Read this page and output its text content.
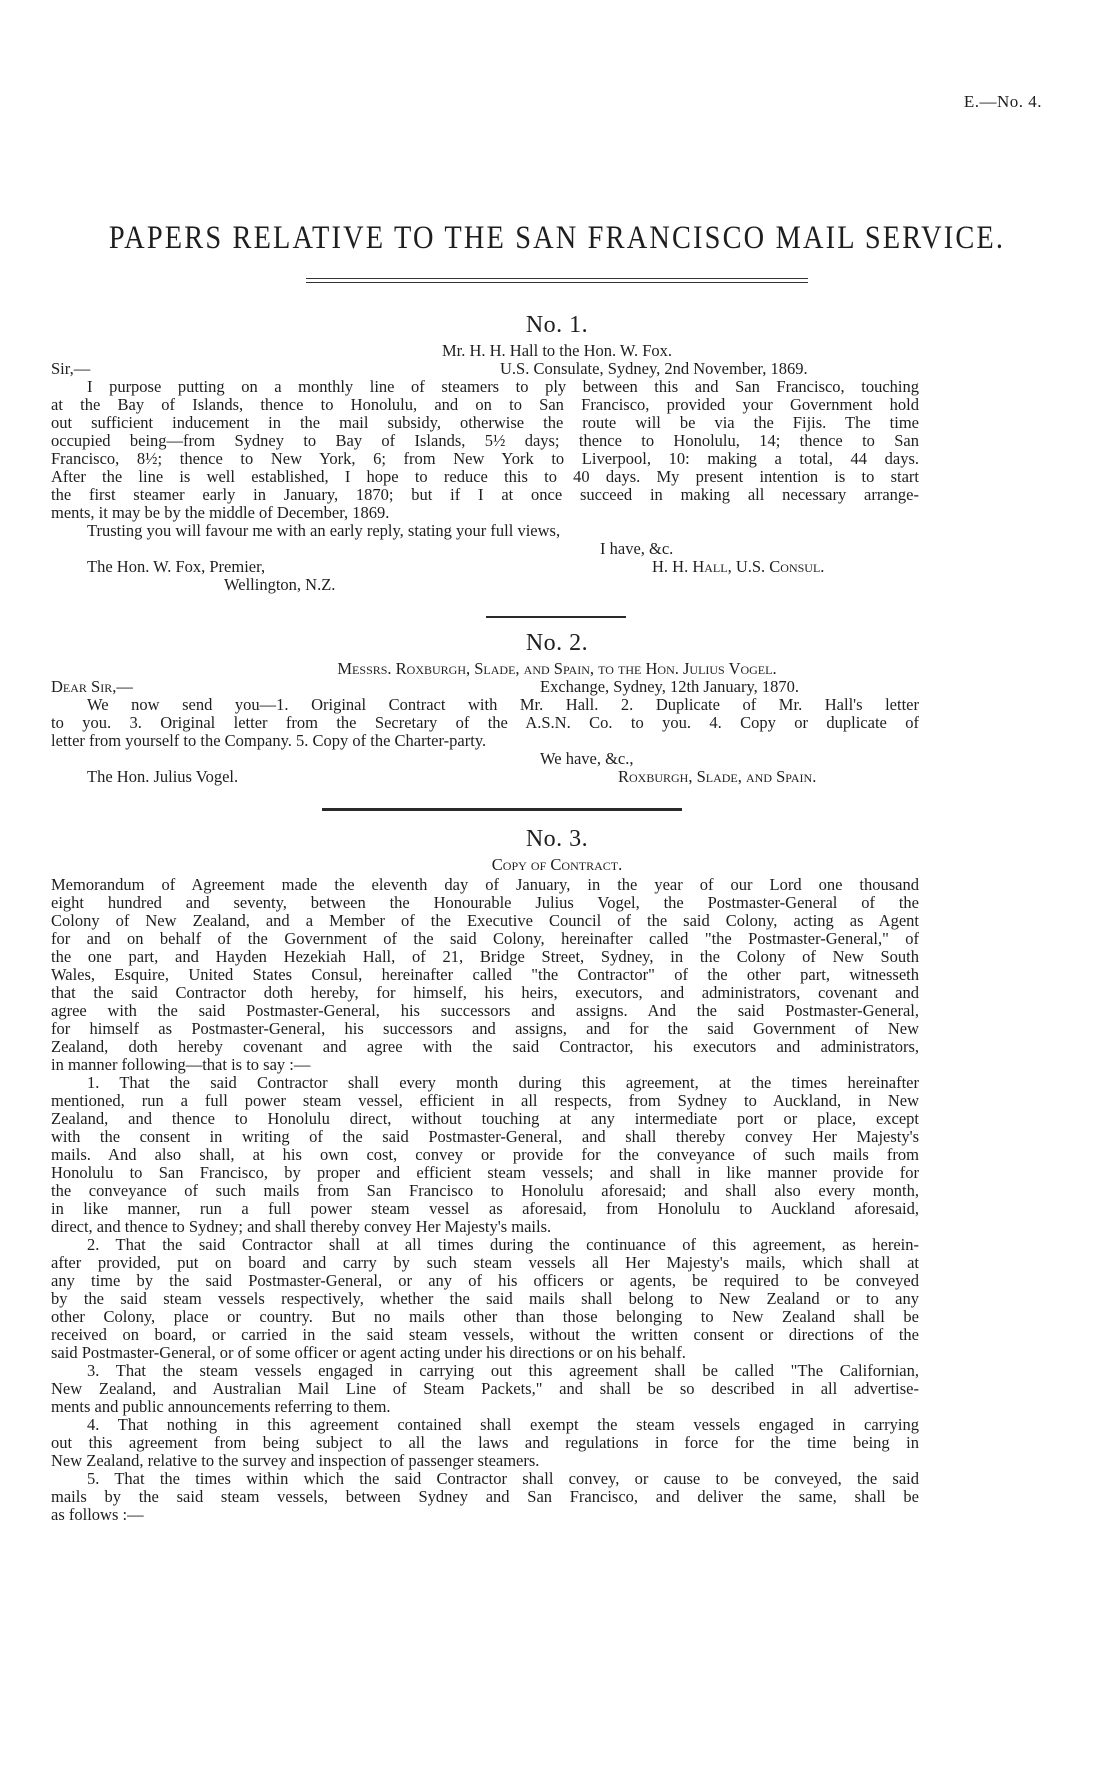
E.—No. 4.
PAPERS RELATIVE TO THE SAN FRANCISCO MAIL SERVICE.
No. 1.
Mr. H. H. Hall to the Hon. W. Fox.
Sir,—	U.S. Consulate, Sydney, 2nd November, 1869.
I purpose putting on a monthly line of steamers to ply between this and San Francisco, touching
at the Bay of Islands, thence to Honolulu, and on to San Francisco, provided your Government hold
out sufficient inducement in the mail subsidy, otherwise the route will be via the Fijis. The time
occupied being—from Sydney to Bay of Islands, 5½ days; thence to Honolulu, 14; thence to San
Francisco, 8½; thence to New York, 6; from New York to Liverpool, 10: making a total, 44 days.
After the line is well established, I hope to reduce this to 40 days. My present intention is to start
the first steamer early in January, 1870; but if I at once succeed in making all necessary arrange-
ments, it may be by the middle of December, 1869.
Trusting you will favour me with an early reply, stating your full views,
I have, &c.
The Hon. W. Fox, Premier,	H. H. Hall, U.S. Consul.
Wellington, N.Z.
No. 2.
Messrs. Roxburgh, Slade, and Spain, to the Hon. Julius Vogel.
Dear Sir,—	Exchange, Sydney, 12th January, 1870.
We now send you—1. Original Contract with Mr. Hall. 2. Duplicate of Mr. Hall's letter
to you. 3. Original letter from the Secretary of the A.S.N. Co. to you. 4. Copy or duplicate of
letter from yourself to the Company. 5. Copy of the Charter-party.
We have, &c.,
The Hon. Julius Vogel.	Roxburgh, Slade, and Spain.
No. 3.
Copy of Contract.
Memorandum of Agreement made the eleventh day of January, in the year of our Lord one thousand
eight hundred and seventy, between the Honourable Julius Vogel, the Postmaster-General of the
Colony of New Zealand, and a Member of the Executive Council of the said Colony, acting as Agent
for and on behalf of the Government of the said Colony, hereinafter called "the Postmaster-General," of
the one part, and Hayden Hezekiah Hall, of 21, Bridge Street, Sydney, in the Colony of New South
Wales, Esquire, United States Consul, hereinafter called "the Contractor" of the other part, witnesseth
that the said Contractor doth hereby, for himself, his heirs, executors, and administrators, covenant and
agree with the said Postmaster-General, his successors and assigns. And the said Postmaster-General,
for himself as Postmaster-General, his successors and assigns, and for the said Government of New
Zealand, doth hereby covenant and agree with the said Contractor, his executors and administrators,
in manner following—that is to say :—
1. That the said Contractor shall every month during this agreement, at the times hereinafter
mentioned, run a full power steam vessel, efficient in all respects, from Sydney to Auckland, in New
Zealand, and thence to Honolulu direct, without touching at any intermediate port or place, except
with the consent in writing of the said Postmaster-General, and shall thereby convey Her Majesty's
mails. And also shall, at his own cost, convey or provide for the conveyance of such mails from
Honolulu to San Francisco, by proper and efficient steam vessels; and shall in like manner provide for
the conveyance of such mails from San Francisco to Honolulu aforesaid; and shall also every month,
in like manner, run a full power steam vessel as aforesaid, from Honolulu to Auckland aforesaid,
direct, and thence to Sydney; and shall thereby convey Her Majesty's mails.
2. That the said Contractor shall at all times during the continuance of this agreement, as herein-
after provided, put on board and carry by such steam vessels all Her Majesty's mails, which shall at
any time by the said Postmaster-General, or any of his officers or agents, be required to be conveyed
by the said steam vessels respectively, whether the said mails shall belong to New Zealand or to any
other Colony, place or country. But no mails other than those belonging to New Zealand shall be
received on board, or carried in the said steam vessels, without the written consent or directions of the
said Postmaster-General, or of some officer or agent acting under his directions or on his behalf.
3. That the steam vessels engaged in carrying out this agreement shall be called "The Californian,
New Zealand, and Australian Mail Line of Steam Packets," and shall be so described in all advertise-
ments and public announcements referring to them.
4. That nothing in this agreement contained shall exempt the steam vessels engaged in carrying
out this agreement from being subject to all the laws and regulations in force for the time being in
New Zealand, relative to the survey and inspection of passenger steamers.
5. That the times within which the said Contractor shall convey, or cause to be conveyed, the said
mails by the said steam vessels, between Sydney and San Francisco, and deliver the same, shall be
as follows :—
